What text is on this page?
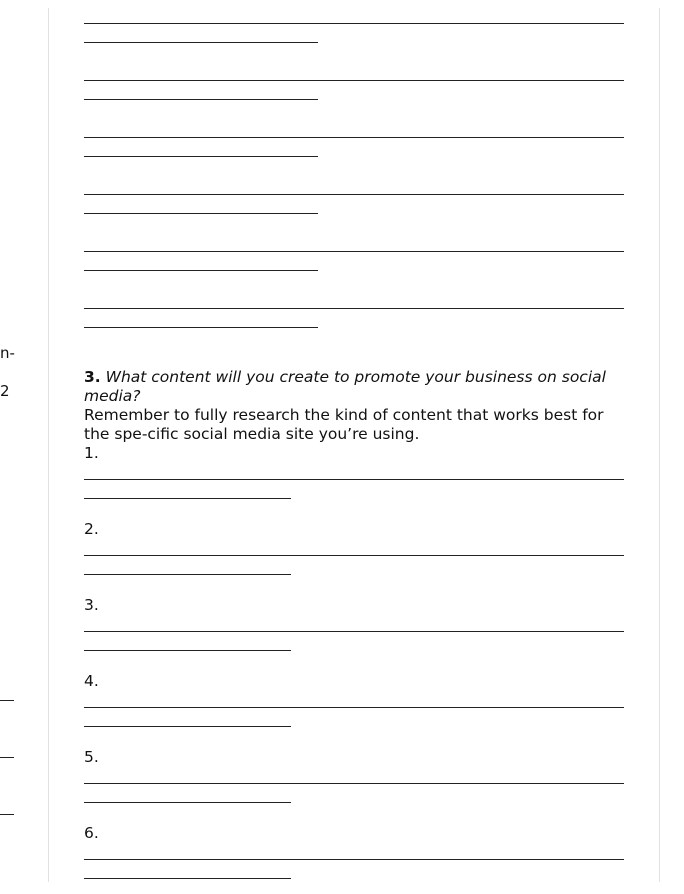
n-
2
3. What content will you create to promote your business on social media?
Remember to fully research the kind of content that works best for the spe-cific social media site you’re using.
1.
2.
3.
4.
5.
6.
